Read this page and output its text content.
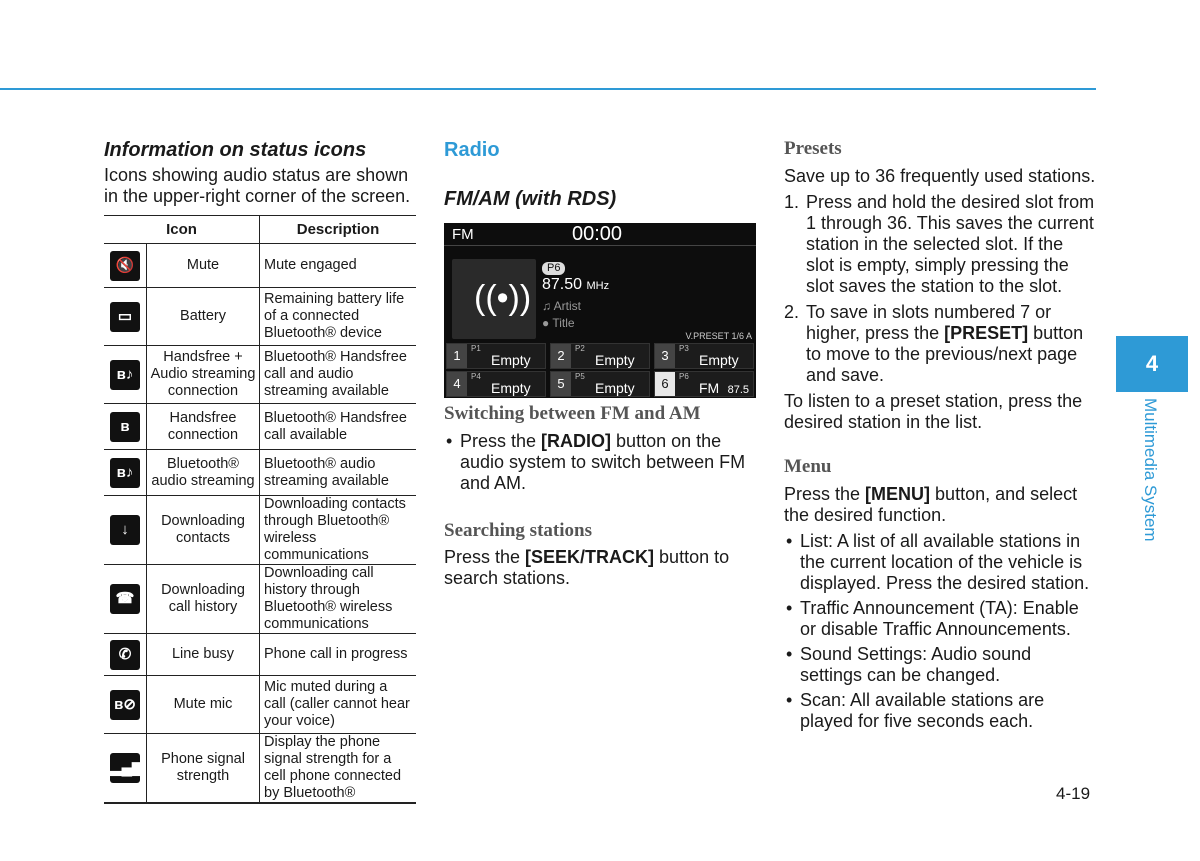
Information on status icons

Icons showing audio status are shown in the upper-right corner of the screen.

Icon		Description
🔇	Mute	Mute engaged
▭	Battery	Remaining battery life of a connected Bluetooth® device
ʙ♪	Handsfree + Audio streaming connection	Bluetooth® Handsfree call and audio streaming available
ʙ	Handsfree connection	Bluetooth® Handsfree call available
ʙ♪	Bluetooth® audio streaming	Bluetooth® audio streaming available
↓	Downloading contacts	Downloading contacts through Bluetooth® wireless communications
☎	Downloading call history	Downloading call history through Bluetooth® wireless communications
✆	Line busy	Phone call in progress
ʙ⊘	Mute mic	Mic muted during a call (caller cannot hear your voice)
▂▄▆	Phone signal strength	Display the phone signal strength for a cell phone connected by Bluetooth®

Radio

FM/AM (with RDS)

FM	00:00
((•))
P6
87.50 MHz
♫ Artist
● Title
V.PRESET 1/6 A
1	P1
Empty	2	P2
Empty	3	P3
Empty
4	P4
Empty	5	P5
Empty	6	P6
FM 87.5

Switching between FM and AM

• Press the [RADIO] button on the audio system to switch between FM and AM.

Searching stations

Press the [SEEK/TRACK] button to search stations.

Presets

Save up to 36 frequently used stations.

1. Press and hold the desired slot from 1 through 36. This saves the current station in the selected slot. If the slot is empty, simply pressing the slot saves the station to the slot.
2. To save in slots numbered 7 or higher, press the [PRESET] button to move to the previous/next page and save.

To listen to a preset station, press the desired station in the list.

Menu

Press the [MENU] button, and select the desired function.

• List: A list of all available stations in the current location of the vehicle is displayed. Press the desired station.
• Traffic Announcement (TA): Enable or disable Traffic Announcements.
• Sound Settings: Audio sound settings can be changed.
• Scan: All available stations are played for five seconds each.
4
Multimedia System
4-19
